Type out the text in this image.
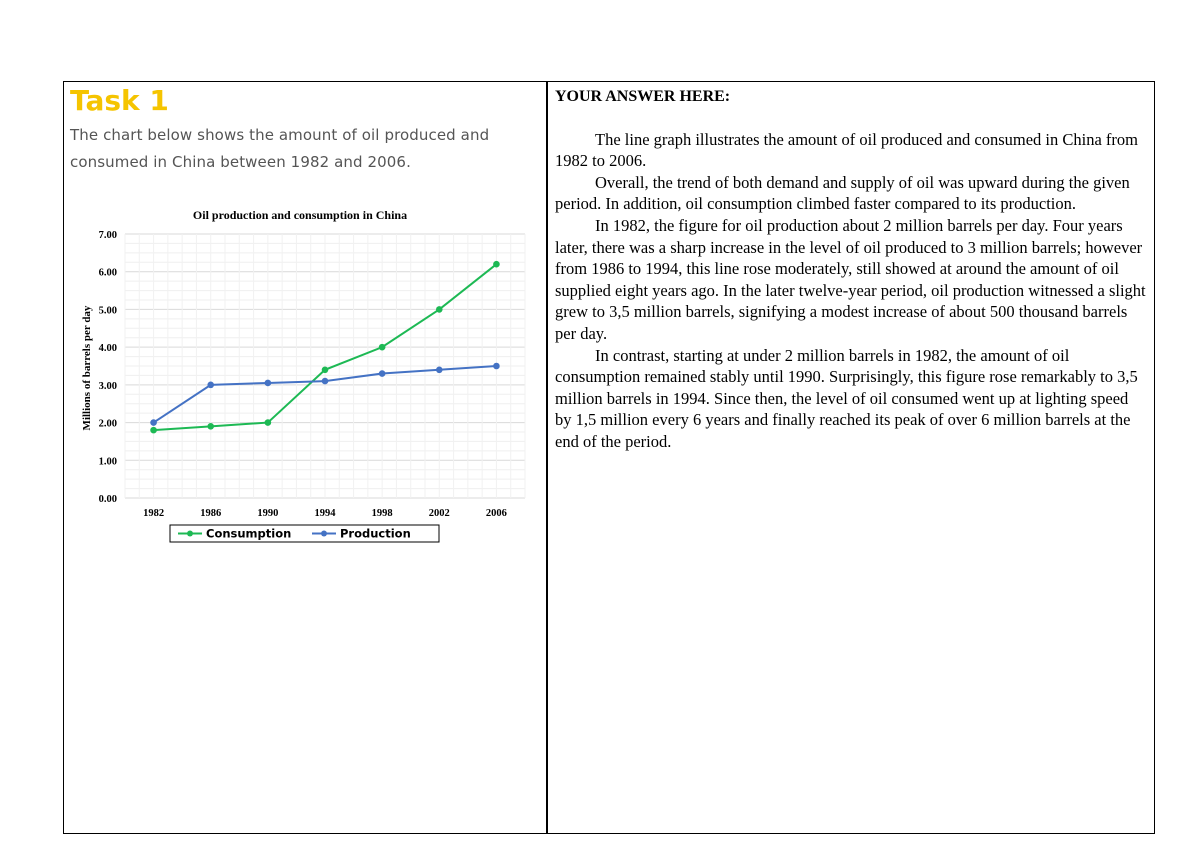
Task 1

The chart below shows the amount of oil produced and consumed in China between 1982 and 2006.

Oil production and consumption in China
0.00
1.00
2.00
3.00
4.00
5.00
6.00
7.00
1982	1986	1990	1994	1998	2002	2006
Millions of barrels per day
Consumption	Production

YOUR ANSWER HERE:

The line graph illustrates the amount of oil produced and consumed in China from 1982 to 2006.

Overall, the trend of both demand and supply of oil was upward during the given period. In addition, oil consumption climbed faster compared to its production.

In 1982, the figure for oil production about 2 million barrels per day. Four years later, there was a sharp increase in the level of oil produced to 3 million barrels; however from 1986 to 1994, this line rose moderately, still showed at around the amount of oil supplied eight years ago. In the later twelve-year period, oil production witnessed a slight grew to 3,5 million barrels, signifying a modest increase of about 500 thousand barrels per day.

In contrast, starting at under 2 million barrels in 1982, the amount of oil consumption remained stably until 1990. Surprisingly, this figure rose remarkably to 3,5 million barrels in 1994. Since then, the level of oil consumed went up at lighting speed by 1,5 million every 6 years and finally reached its peak of over 6 million barrels at the end of the period.
